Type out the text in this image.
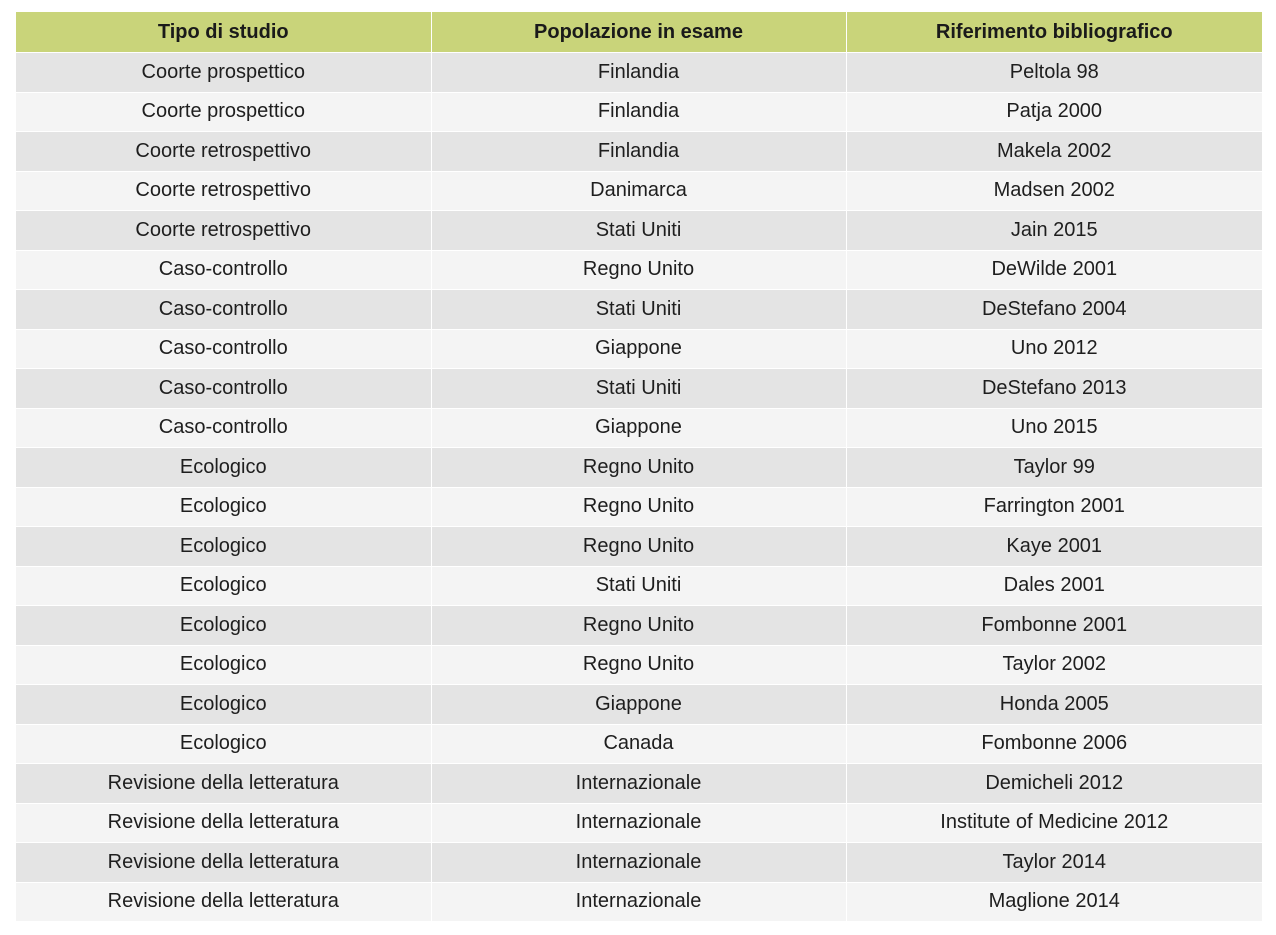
Tipo di studio	Popolazione in esame	Riferimento bibliografico
Coorte prospettico	Finlandia	Peltola 98
Coorte prospettico	Finlandia	Patja 2000
Coorte retrospettivo	Finlandia	Makela 2002
Coorte retrospettivo	Danimarca	Madsen 2002
Coorte retrospettivo	Stati Uniti	Jain 2015
Caso-controllo	Regno Unito	DeWilde 2001
Caso-controllo	Stati Uniti	DeStefano 2004
Caso-controllo	Giappone	Uno 2012
Caso-controllo	Stati Uniti	DeStefano 2013
Caso-controllo	Giappone	Uno 2015
Ecologico	Regno Unito	Taylor 99
Ecologico	Regno Unito	Farrington 2001
Ecologico	Regno Unito	Kaye 2001
Ecologico	Stati Uniti	Dales 2001
Ecologico	Regno Unito	Fombonne 2001
Ecologico	Regno Unito	Taylor 2002
Ecologico	Giappone	Honda 2005
Ecologico	Canada	Fombonne 2006
Revisione della letteratura	Internazionale	Demicheli 2012
Revisione della letteratura	Internazionale	Institute of Medicine 2012
Revisione della letteratura	Internazionale	Taylor 2014
Revisione della letteratura	Internazionale	Maglione 2014
